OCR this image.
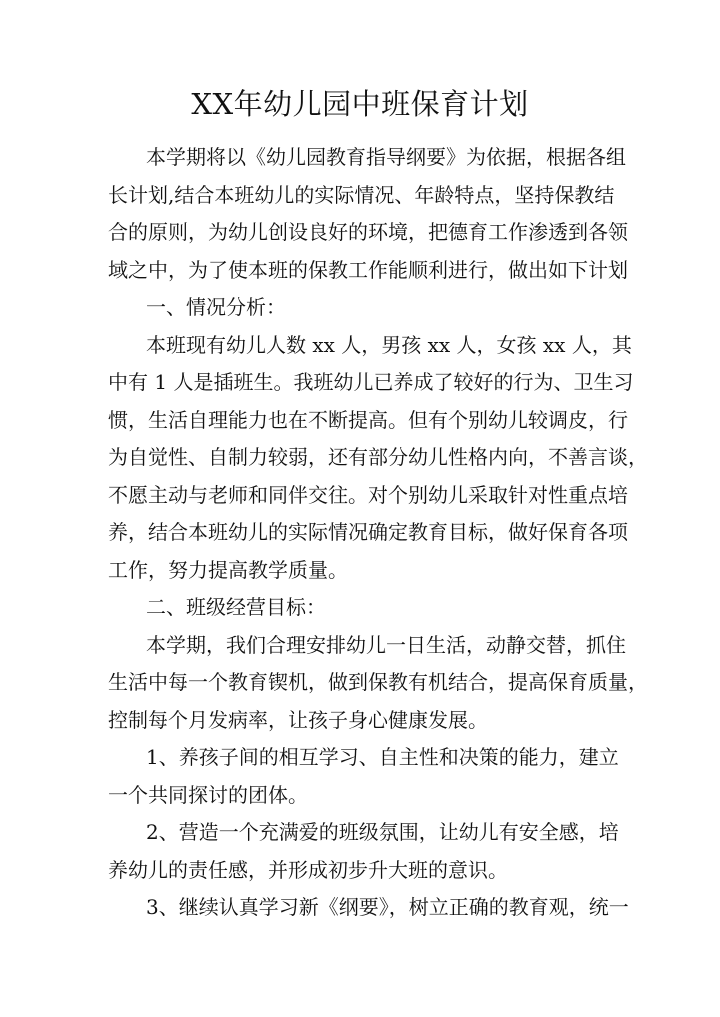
XX年幼儿园中班保育计划
本学期将以《幼儿园教育指导纲要》为依据，根据各组
长计划,结合本班幼儿的实际情况、年龄特点，坚持保教结
合的原则，为幼儿创设良好的环境，把德育工作渗透到各领
域之中，为了使本班的保教工作能顺利进行，做出如下计划
一、情况分析：
本班现有幼儿人数 xx 人，男孩 xx 人，女孩 xx 人，其
中有 1 人是插班生。我班幼儿已养成了较好的行为、卫生习
惯，生活自理能力也在不断提高。但有个别幼儿较调皮，行
为自觉性、自制力较弱，还有部分幼儿性格内向，不善言谈，
不愿主动与老师和同伴交往。对个别幼儿采取针对性重点培
养，结合本班幼儿的实际情况确定教育目标，做好保育各项
工作，努力提高教学质量。
二、班级经营目标：
本学期，我们合理安排幼儿一日生活，动静交替，抓住
生活中每一个教育锲机，做到保教有机结合，提高保育质量，
控制每个月发病率，让孩子身心健康发展。
1、养孩子间的相互学习、自主性和决策的能力，建立
一个共同探讨的团体。
2、营造一个充满爱的班级氛围，让幼儿有安全感，培
养幼儿的责任感，并形成初步升大班的意识。
3、继续认真学习新《纲要》，树立正确的教育观，统一
